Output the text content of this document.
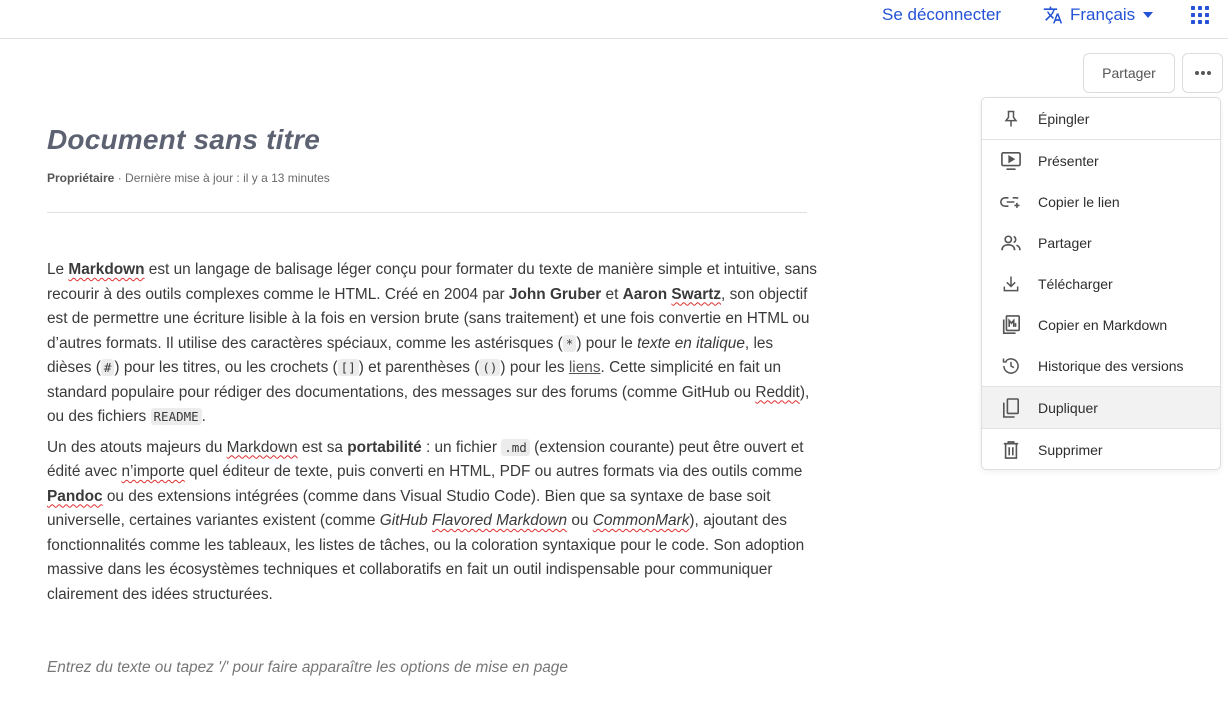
Se déconnecter	Français
Partager
Épingler
Présenter
Copier le lien
Partager
Télécharger
Copier en Markdown
Historique des versions
Dupliquer
Supprimer
Document sans titre
Propriétaire · Dernière mise à jour : il y a 13 minutes

Le Markdown est un langage de balisage léger conçu pour formater du texte de manière simple et intuitive, sans recourir à des outils complexes comme le HTML. Créé en 2004 par John Gruber et Aaron Swartz, son objectif est de permettre une écriture lisible à la fois en version brute (sans traitement) et une fois convertie en HTML ou d’autres formats. Il utilise des caractères spéciaux, comme les astérisques ( * ) pour le texte en italique, les dièses ( # ) pour les titres, ou les crochets ( [] ) et parenthèses ( () ) pour les liens. Cette simplicité en fait un standard populaire pour rédiger des documentations, des messages sur des forums (comme GitHub ou Reddit), ou des fichiers README .

Un des atouts majeurs du Markdown est sa portabilité : un fichier .md (extension courante) peut être ouvert et édité avec n’importe quel éditeur de texte, puis converti en HTML, PDF ou autres formats via des outils comme Pandoc ou des extensions intégrées (comme dans Visual Studio Code). Bien que sa syntaxe de base soit universelle, certaines variantes existent (comme GitHub Flavored Markdown ou CommonMark), ajoutant des fonctionnalités comme les tableaux, les listes de tâches, ou la coloration syntaxique pour le code. Son adoption massive dans les écosystèmes techniques et collaboratifs en fait un outil indispensable pour communiquer clairement des idées structurées.

Entrez du texte ou tapez '/' pour faire apparaître les options de mise en page
